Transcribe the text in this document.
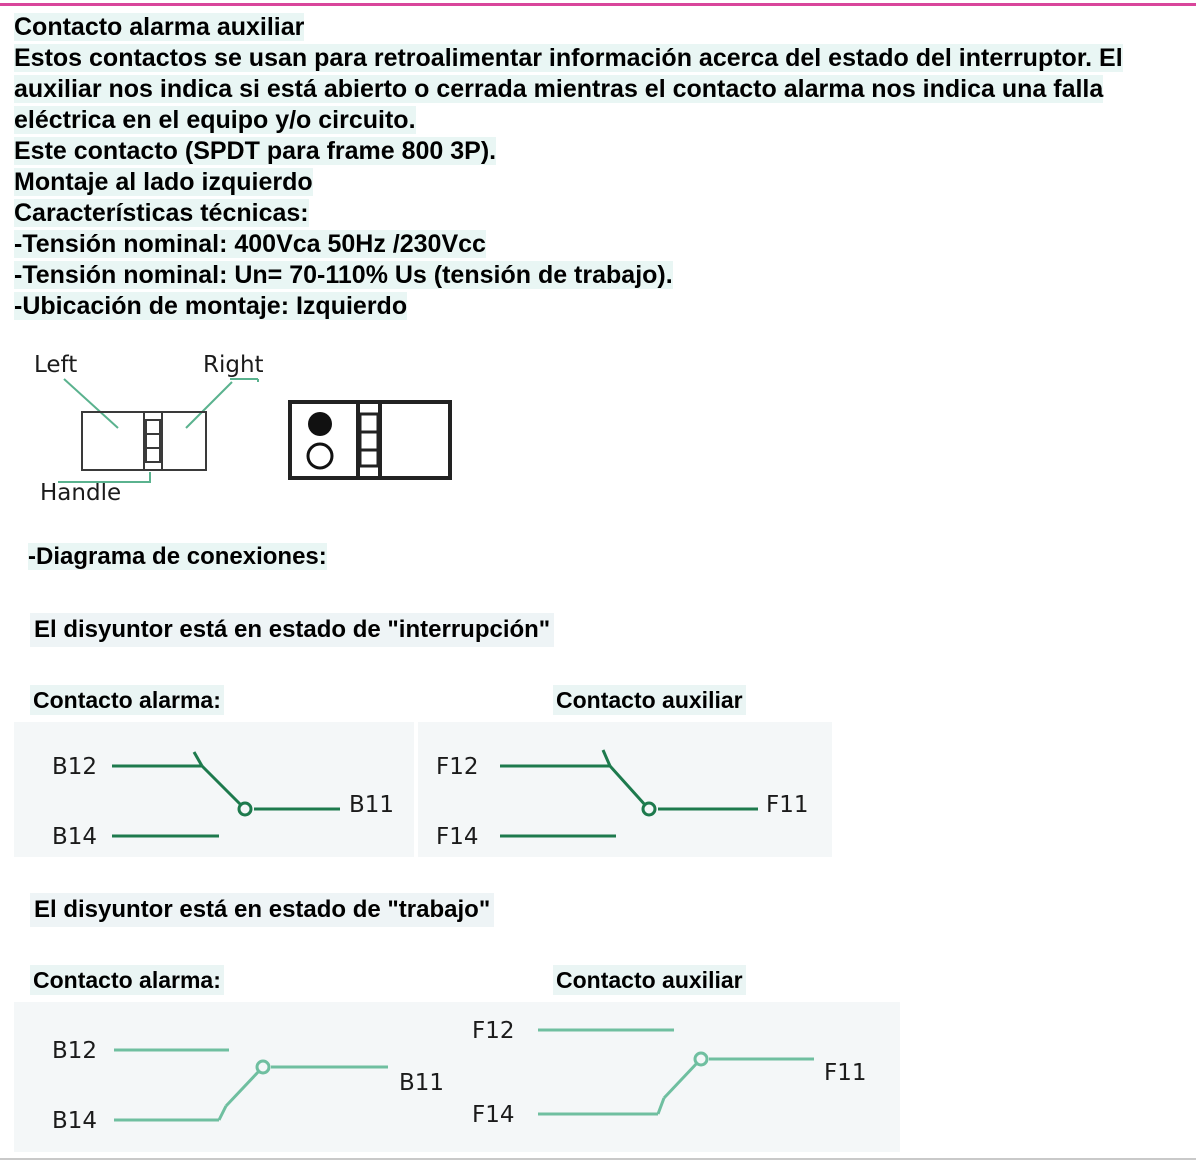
Contacto alarma auxiliar

Estos contactos se usan para retroalimentar información acerca del estado del interruptor. El auxiliar nos indica si está abierto o cerrada mientras el contacto alarma nos indica una falla eléctrica en el equipo y/o circuito.

Este contacto (SPDT para frame 800 3P).

Montaje al lado izquierdo

Características técnicas:

-Tensión nominal: 400Vca 50Hz /230Vcc

-Tensión nominal: Un= 70-110% Us (tensión de trabajo).

-Ubicación de montaje: Izquierdo

Left	Right
Handle
-Diagrama de conexiones:
El disyuntor está en estado de "interrupción"
Contacto alarma:	Contacto auxiliar
B12
B14
B11
F12
F14
F11
El disyuntor está en estado de "trabajo"
Contacto alarma:	Contacto auxiliar
B12
B14
B11
F12
F14
F11
